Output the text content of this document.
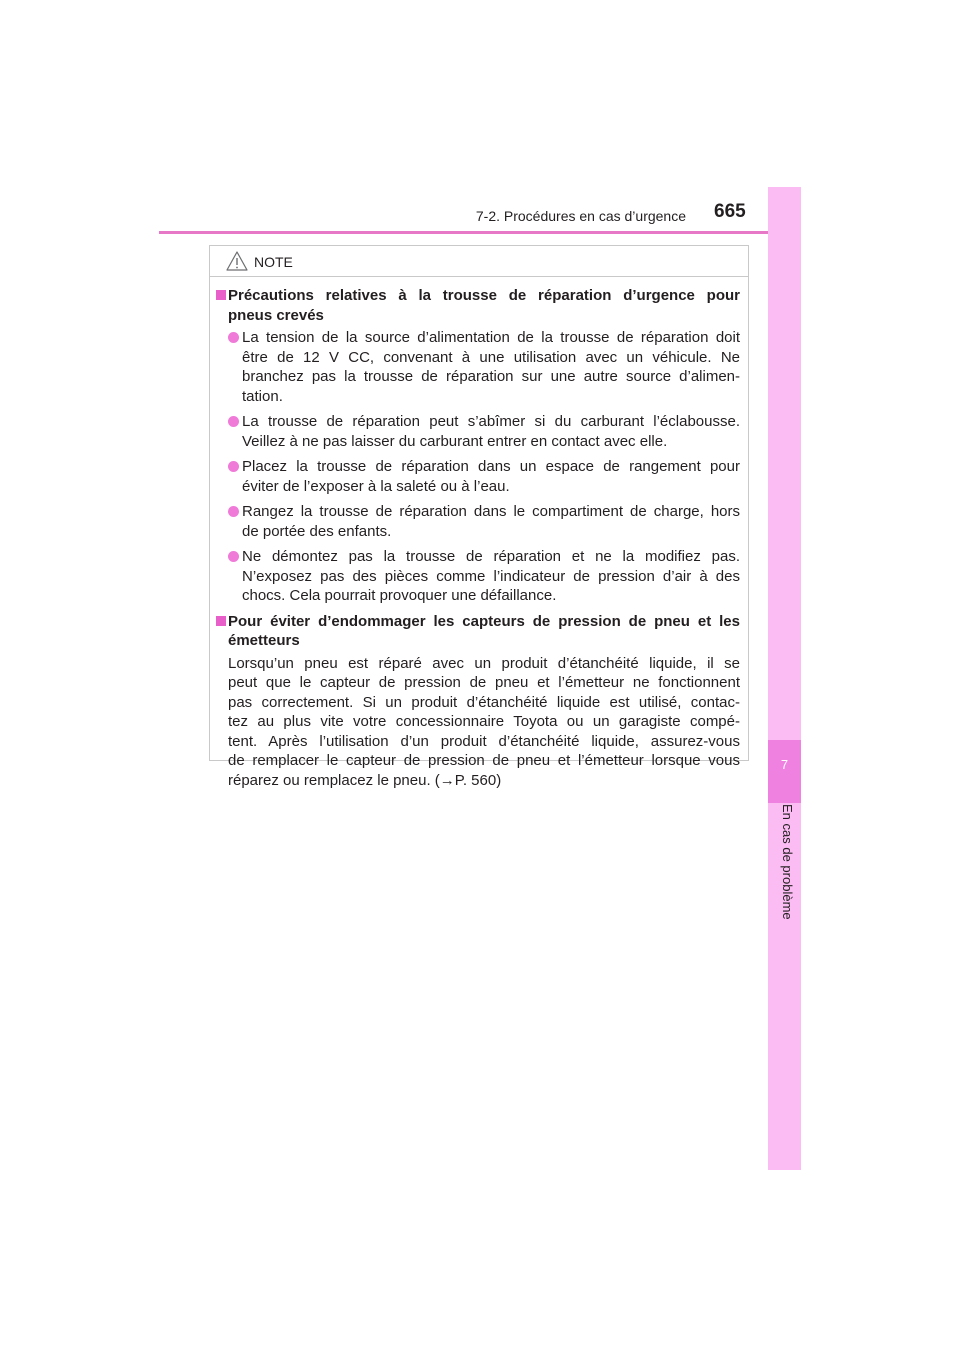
7-2. Procédures en cas d’urgence 665
7
En cas de problème
NOTE
Précautions relatives à la trousse de réparation d’urgence pour
pneus crevés
La tension de la source d’alimentation de la trousse de réparation doit
être de 12 V CC, convenant à une utilisation avec un véhicule. Ne
branchez pas la trousse de réparation sur une autre source d’alimen-
tation.
La trousse de réparation peut s’abîmer si du carburant l’éclabousse.
Veillez à ne pas laisser du carburant entrer en contact avec elle.
Placez la trousse de réparation dans un espace de rangement pour
éviter de l’exposer à la saleté ou à l’eau.
Rangez la trousse de réparation dans le compartiment de charge, hors
de portée des enfants.
Ne démontez pas la trousse de réparation et ne la modifiez pas.
N’exposez pas des pièces comme l’indicateur de pression d’air à des
chocs. Cela pourrait provoquer une défaillance.
Pour éviter d’endommager les capteurs de pression de pneu et les
émetteurs
Lorsqu’un pneu est réparé avec un produit d’étanchéité liquide, il se
peut que le capteur de pression de pneu et l’émetteur ne fonctionnent
pas correctement. Si un produit d’étanchéité liquide est utilisé, contac-
tez au plus vite votre concessionnaire Toyota ou un garagiste compé-
tent. Après l’utilisation d’un produit d’étanchéité liquide, assurez-vous
de remplacer le capteur de pression de pneu et l’émetteur lorsque vous
réparez ou remplacez le pneu. (→P. 560)
